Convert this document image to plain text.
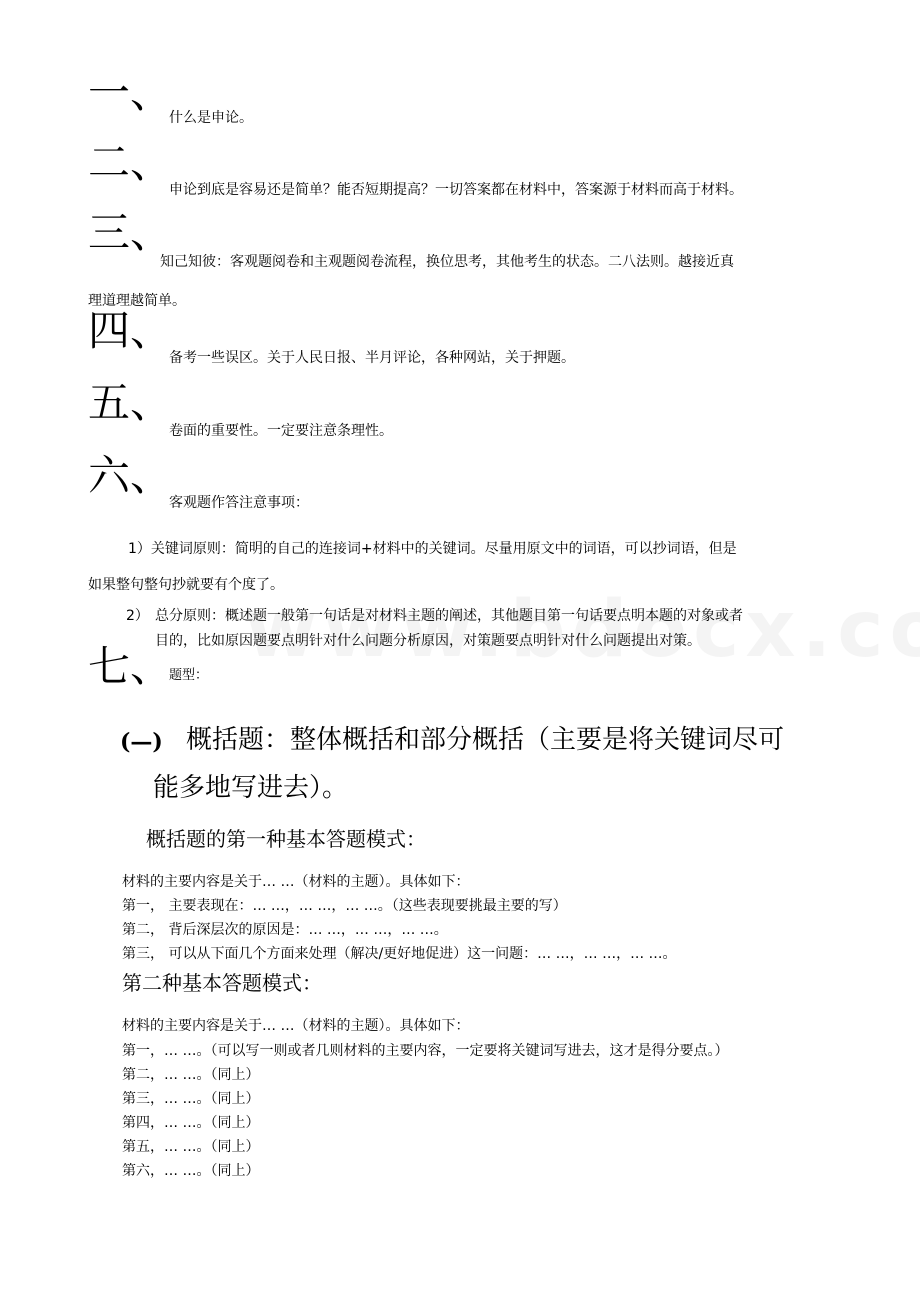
一、
什么是申论。
二、
申论到底是容易还是简单？能否短期提高？一切答案都在材料中，答案源于材料而高于材料。
三、
知己知彼：客观题阅卷和主观题阅卷流程，换位思考，其他考生的状态。二八法则。越接近真
理道理越简单。
四、
备考一些误区。关于人民日报、半月评论，各种网站，关于押题。
五、
卷面的重要性。一定要注意条理性。
六、
客观题作答注意事项：
1）关键词原则：简明的自己的连接词+材料中的关键词。尽量用原文中的词语，可以抄词语，但是
如果整句整句抄就要有个度了。
2） 总分原则：概述题一般第一句话是对材料主题的阐述，其他题目第一句话要点明本题的对象或者
目的，比如原因题要点明针对什么问题分析原因，对策题要点明针对什么问题提出对策。
七、
题型：
(—) 概括题：整体概括和部分概括（主要是将关键词尽可
能多地写进去）。
概括题的第一种基本答题模式：
材料的主要内容是关于… …（材料的主题）。具体如下：
第一， 主要表现在：… …，… …，… …。（这些表现要挑最主要的写）
第二， 背后深层次的原因是：… …，… …，… …。
第三， 可以从下面几个方面来处理（解决/更好地促进）这一问题：… …，… …，… …。
第二种基本答题模式：
材料的主要内容是关于… …（材料的主题）。具体如下：
第一，… …。（可以写一则或者几则材料的主要内容，一定要将关键词写进去，这才是得分要点。）
第二，… …。（同上）
第三，… …。（同上）
第四，… …。（同上）
第五，… …。（同上）
第六，… …。（同上）
